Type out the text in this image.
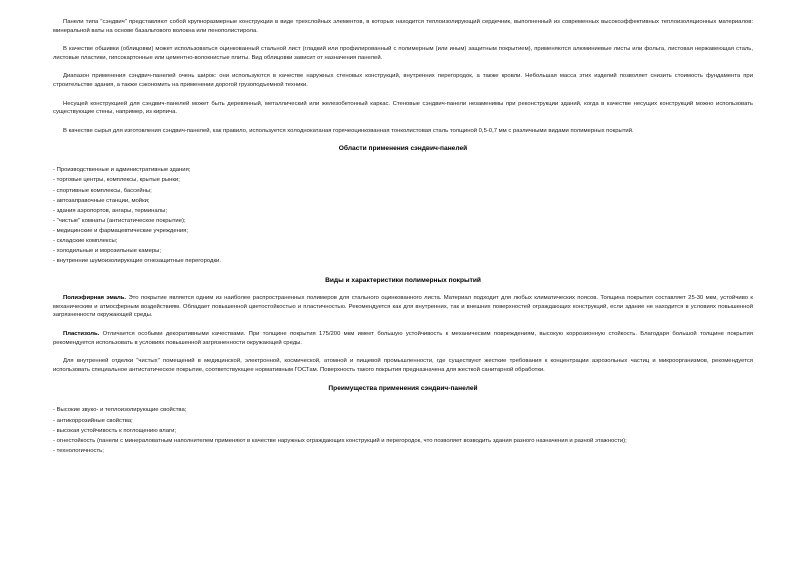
Панели типа "сэндвич" представляют собой крупноразмерные конструкции в виде трехслойных элементов, в которых находится теплоизолирующий сердечник, выполненный из современных высокоэффективных теплоизоляционных материалов: минеральной ваты на основе базальтового волокна или пенополистирола.

В качестве обшивки (облицовки) может использоваться оцинкованный стальной лист (гладкий или профилированный с полимерным (или иным) защитным покрытием), применяются алюминиевые листы или фольга, листовая нержавеющая сталь, листовые пластики, гипсокартонные или цементно-волокнистые плиты. Вид облицовки зависит от назначения панелей.

Диапазон применения сэндвич-панелей очень широк: они используются в качестве наружных стеновых конструкций, внутренних перегородок, а также кровли. Небольшая масса этих изделий позволяет снизить стоимость фундамента при строительстве здания, а также сэкономить на применении дорогой грузоподъемной техники.

Несущей конструкцией для сэндвич-панелей может быть деревянный, металлический или железобетонный каркас. Стеновые сэндвич-панели незаменимы при реконструкции зданий, когда в качестве несущих конструкций можно использовать существующие стены, например, из кирпича.

В качестве сырья для изготовления сэндвич-панелей, как правило, используется холоднокатаная горячеоцинкованная тонколистовая сталь толщиной 0,5-0,7 мм с различными видами полимерных покрытий.

Области применения сэндвич-панелей
- Производственные и административные здания;
- торговые центры, комплексы, крытые рынки;
- спортивные комплексы, бассейны;
- автозаправочные станции, мойки;
- здания аэропортов, ангары, терминалы;
- "чистые" комнаты (антистатическое покрытие);
- медицинские и фармацевтические учреждения;
- складские комплексы;
- холодильные и морозильные камеры;
- внутренние шумоизолирующие огнезащитные перегородки.
Виды и характеристики полимерных покрытий

Полиэфирная эмаль. Это покрытие является одним из наиболее распространенных полимеров для стального оцинкованного листа. Материал подходит для любых климатических поясов. Толщина покрытия составляет 25-30 мкм, устойчиво к механическим и атмосферным воздействиям. Обладает повышенной цветостойкостью и пластичностью. Рекомендуется как для внутренних, так и внешних поверхностей ограждающих конструкций, если здание не находится в условиях повышенной загрязненности окружающей среды.

Пластизоль. Отличается особыми декоративными качествами. При толщине покрытия 175/200 мкм имеет большую устойчивость к механическим повреждениям, высокую коррозионную стойкость. Благодаря большой толщине покрытия рекомендуется использовать в условиях повышенной загрязненности окружающей среды.

Для внутренней отделки "чистых" помещений в медицинской, электронной, космической, атомной и пищевой промышленности, где существуют жесткие требования к концентрации аэрозольных частиц и микроорганизмов, рекомендуется использовать специальное антистатическое покрытие, соответствующее нормативным ГОСТам. Поверхность такого покрытия предназначена для жесткой санитарной обработки.

Преимущества применения сэндвич-панелей
- Высокие звуко- и теплоизолирующие свойства;
- антикоррозийные свойства;
- высокая устойчивость к поглощению влаги;
- огнестойкость (панели с минераловатным наполнителем применяют в качестве наружных ограждающих конструкций и перегородок, что позволяет возводить здания разного назначения и разной этажности);
- технологичность;
